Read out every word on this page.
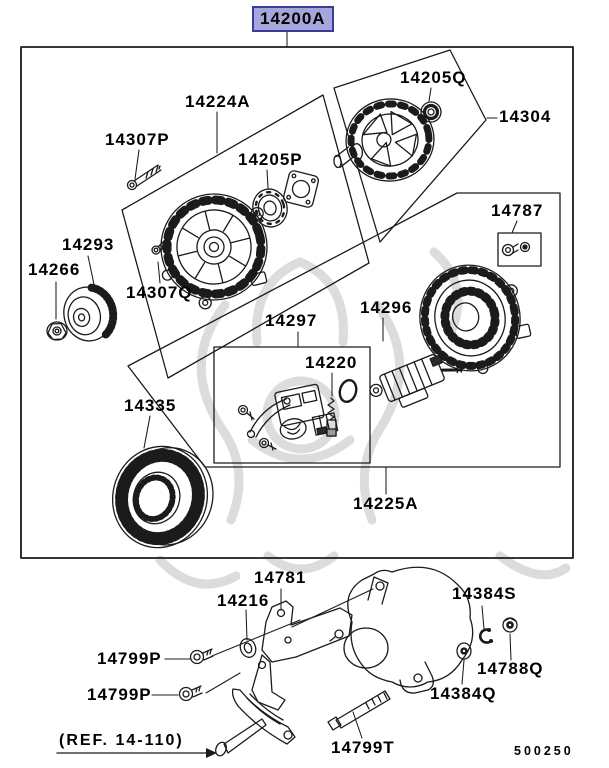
14200A
14224A
14307P
14205P
14205Q
14304
14787
14293
14266
14307Q
14296
14297
14220
14335
14225A
14781
14216	14384S
14799P
14799P
14788Q
14384Q
14799T
(REF. 14-110)
500250
